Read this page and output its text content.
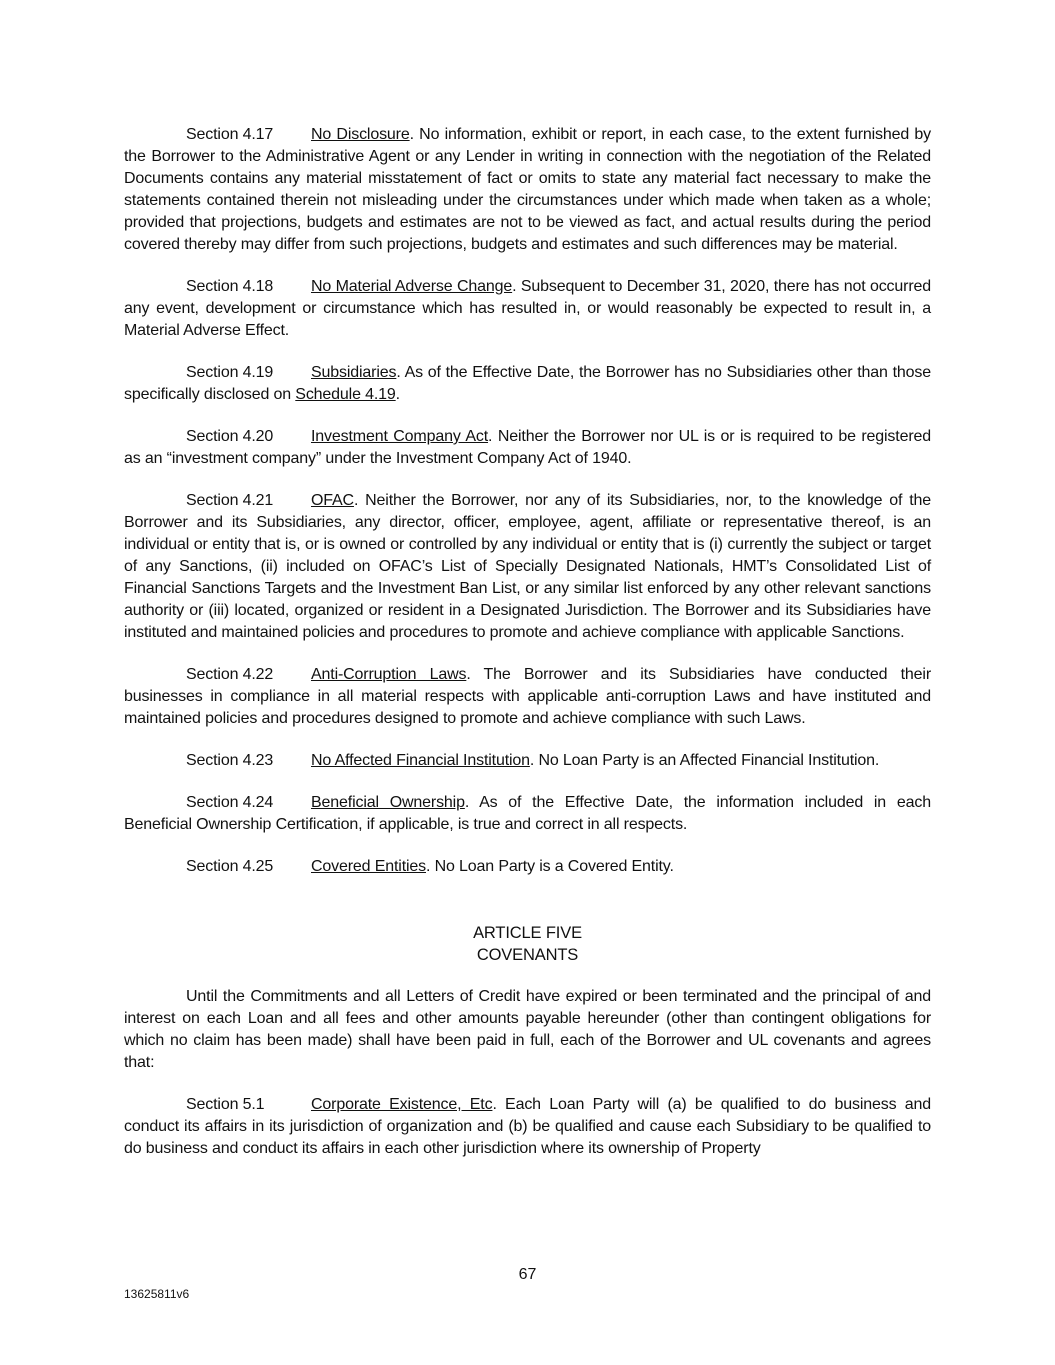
Section 4.17 No Disclosure. No information, exhibit or report, in each case, to the extent furnished by the Borrower to the Administrative Agent or any Lender in writing in connection with the negotiation of the Related Documents contains any material misstatement of fact or omits to state any material fact necessary to make the statements contained therein not misleading under the circumstances under which made when taken as a whole; provided that projections, budgets and estimates are not to be viewed as fact, and actual results during the period covered thereby may differ from such projections, budgets and estimates and such differences may be material.

Section 4.18 No Material Adverse Change. Subsequent to December 31, 2020, there has not occurred any event, development or circumstance which has resulted in, or would reasonably be expected to result in, a Material Adverse Effect.

Section 4.19 Subsidiaries. As of the Effective Date, the Borrower has no Subsidiaries other than those specifically disclosed on Schedule 4.19.

Section 4.20 Investment Company Act. Neither the Borrower nor UL is or is required to be registered as an “investment company” under the Investment Company Act of 1940.

Section 4.21 OFAC. Neither the Borrower, nor any of its Subsidiaries, nor, to the knowledge of the Borrower and its Subsidiaries, any director, officer, employee, agent, affiliate or representative thereof, is an individual or entity that is, or is owned or controlled by any individual or entity that is (i) currently the subject or target of any Sanctions, (ii) included on OFAC’s List of Specially Designated Nationals, HMT’s Consolidated List of Financial Sanctions Targets and the Investment Ban List, or any similar list enforced by any other relevant sanctions authority or (iii) located, organized or resident in a Designated Jurisdiction. The Borrower and its Subsidiaries have instituted and maintained policies and procedures to promote and achieve compliance with applicable Sanctions.

Section 4.22 Anti-Corruption Laws. The Borrower and its Subsidiaries have conducted their businesses in compliance in all material respects with applicable anti-corruption Laws and have instituted and maintained policies and procedures designed to promote and achieve compliance with such Laws.

Section 4.23 No Affected Financial Institution. No Loan Party is an Affected Financial Institution.

Section 4.24 Beneficial Ownership. As of the Effective Date, the information included in each Beneficial Ownership Certification, if applicable, is true and correct in all respects.

Section 4.25 Covered Entities. No Loan Party is a Covered Entity.

ARTICLE FIVE
COVENANTS

Until the Commitments and all Letters of Credit have expired or been terminated and the principal of and interest on each Loan and all fees and other amounts payable hereunder (other than contingent obligations for which no claim has been made) shall have been paid in full, each of the Borrower and UL covenants and agrees that:

Section 5.1	Corporate Existence, Etc. Each Loan Party will (a) be qualified to do business and conduct its affairs in its jurisdiction of organization and (b) be qualified and cause each Subsidiary to be qualified to do business and conduct its affairs in each other jurisdiction where its ownership of Property

67
13625811v6
